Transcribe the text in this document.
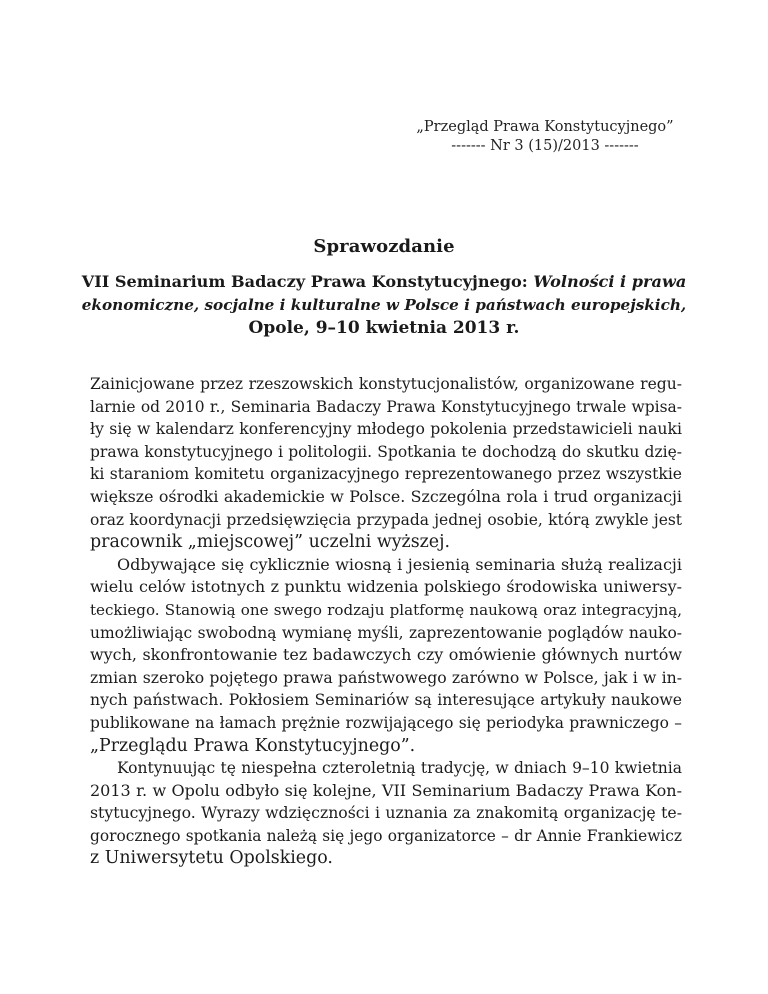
„Przegląd Prawa Konstytucyjnego”
------- Nr 3 (15)/2013 -------
Sprawozdanie
VII Seminarium Badaczy Prawa Konstytucyjnego: Wolności i prawa
ekonomiczne, socjalne i kulturalne w Polsce i państwach europejskich,
Opole, 9–10 kwietnia 2013 r.

Zainicjowane przez rzeszowskich konstytucjonalistów, organizowane regu-
larnie od 2010 r., Seminaria Badaczy Prawa Konstytucyjnego trwale wpisa-
ły się w kalendarz konferencyjny młodego pokolenia przedstawicieli nauki
prawa konstytucyjnego i politologii. Spotkania te dochodzą do skutku dzię-
ki staraniom komitetu organizacyjnego reprezentowanego przez wszystkie
większe ośrodki akademickie w Polsce. Szczególna rola i trud organizacji
oraz koordynacji przedsięwzięcia przypada jednej osobie, którą zwykle jest
pracownik „miejscowej” uczelni wyższej.

Odbywające się cyklicznie wiosną i jesienią seminaria służą realizacji
wielu celów istotnych z punktu widzenia polskiego środowiska uniwersy-
teckiego. Stanowią one swego rodzaju platformę naukową oraz integracyjną,
umożliwiając swobodną wymianę myśli, zaprezentowanie poglądów nauko-
wych, skonfrontowanie tez badawczych czy omówienie głównych nurtów
zmian szeroko pojętego prawa państwowego zarówno w Polsce, jak i w in-
nych państwach. Pokłosiem Seminariów są interesujące artykuły naukowe
publikowane na łamach prężnie rozwijającego się periodyka prawniczego –
„Przeglądu Prawa Konstytucyjnego”.

Kontynuując tę niespełna czteroletnią tradycję, w dniach 9–10 kwietnia
2013 r. w Opolu odbyło się kolejne, VII Seminarium Badaczy Prawa Kon-
stytucyjnego. Wyrazy wdzięczności i uznania za znakomitą organizację te-
gorocznego spotkania należą się jego organizatorce – dr Annie Frankiewicz
z Uniwersytetu Opolskiego.
